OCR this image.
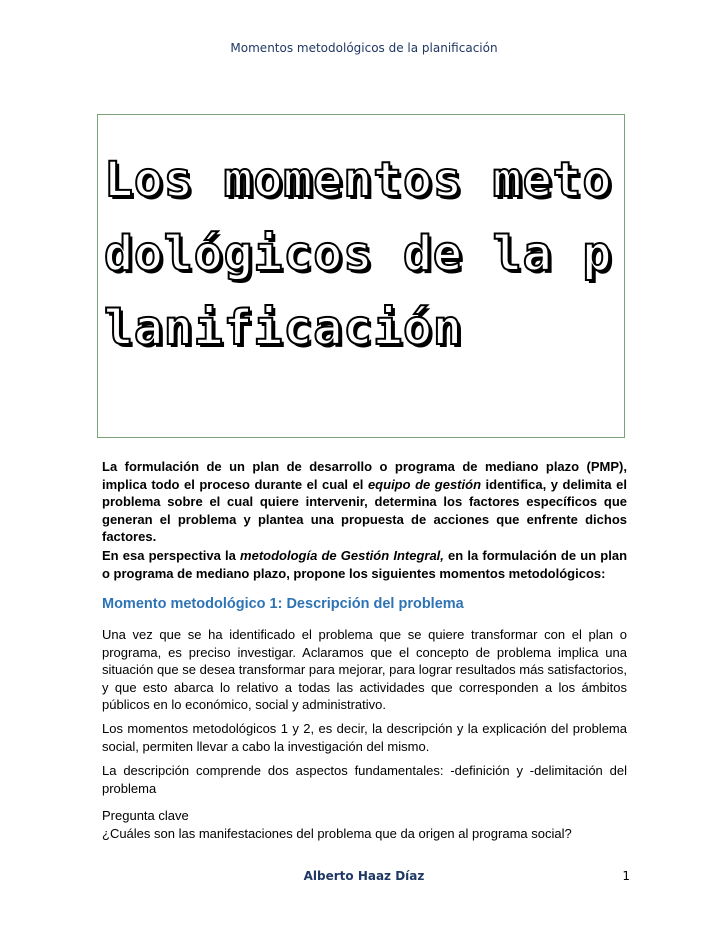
Momentos metodológicos de la planificación
Los momentos metodológicos de la planificación

La formulación de un plan de desarrollo o programa de mediano plazo (PMP), implica todo el proceso durante el cual el equipo de gestión identifica, y delimita el problema sobre el cual quiere intervenir, determina los factores específicos que generan el problema y plantea una propuesta de acciones que enfrente dichos factores.

En esa perspectiva la metodología de Gestión Integral, en la formulación de un plan o programa de mediano plazo, propone los siguientes momentos metodológicos:

Momento metodológico 1: Descripción del problema

Una vez que se ha identificado el problema que se quiere transformar con el plan o programa, es preciso investigar. Aclaramos que el concepto de problema implica una situación que se desea transformar para mejorar, para lograr resultados más satisfactorios, y que esto abarca lo relativo a todas las actividades que corresponden a los ámbitos públicos en lo económico, social y administrativo.

Los momentos metodológicos 1 y 2, es decir, la descripción y la explicación del problema social, permiten llevar a cabo la investigación del mismo.

La descripción comprende dos aspectos fundamentales: -definición y -delimitación del problema

Pregunta clave
¿Cuáles son las manifestaciones del problema que da origen al programa social?

Alberto Haaz Díaz	1
